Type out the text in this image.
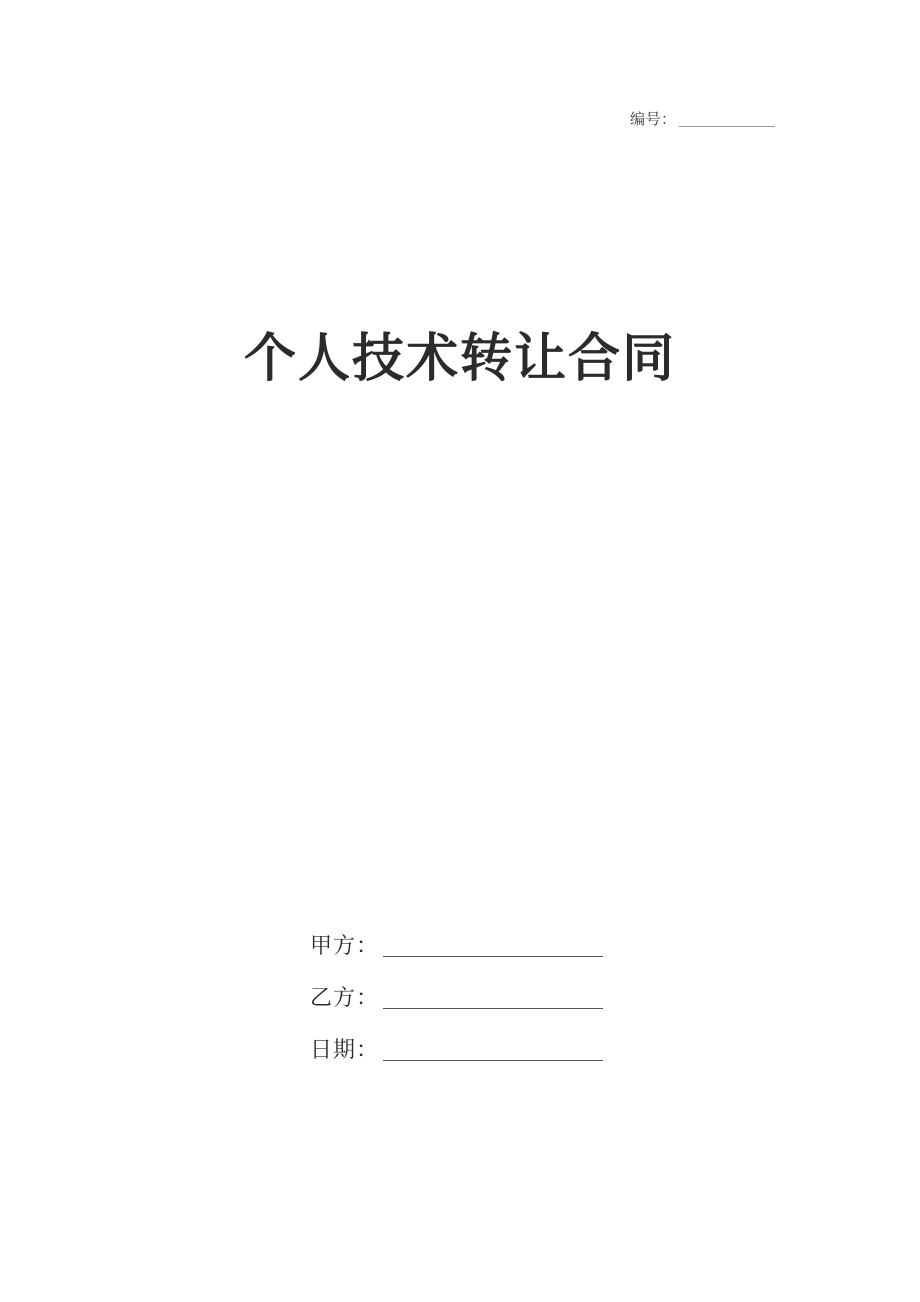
编号：
个人技术转让合同
甲方：
乙方：
日期：
